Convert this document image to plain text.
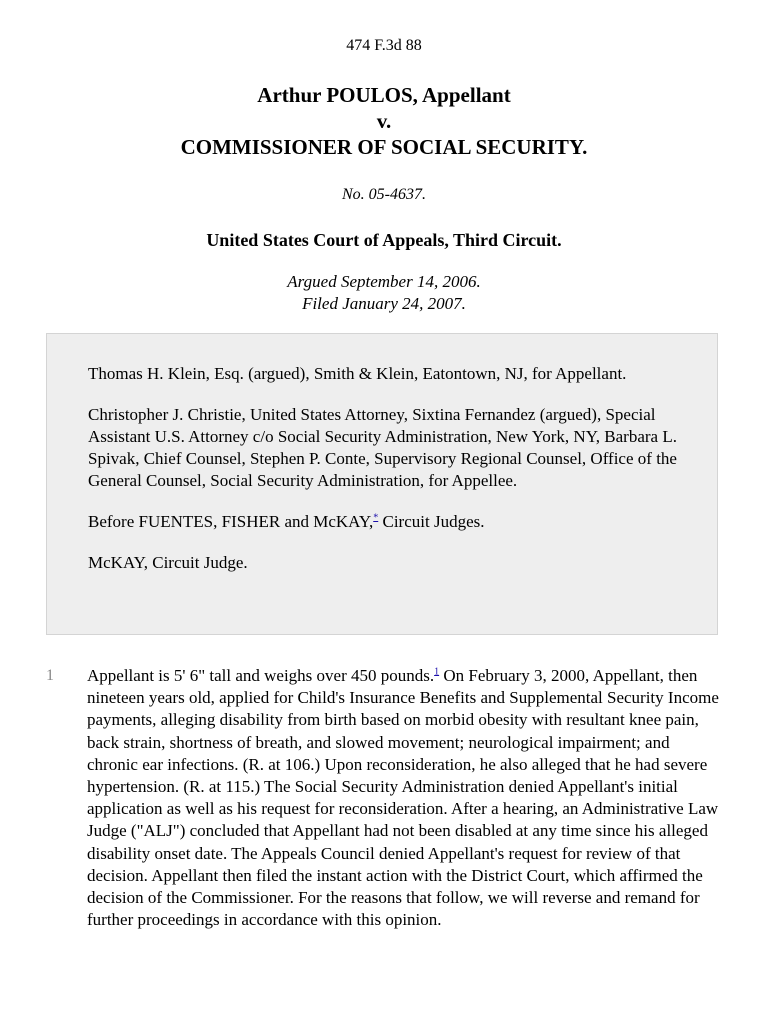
474 F.3d 88
Arthur POULOS, Appellant
v.
COMMISSIONER OF SOCIAL SECURITY.
No. 05-4637.
United States Court of Appeals, Third Circuit.
Argued September 14, 2006.
Filed January 24, 2007.

Thomas H. Klein, Esq. (argued), Smith & Klein, Eatontown, NJ, for Appellant.

Christopher J. Christie, United States Attorney, Sixtina Fernandez (argued), Special Assistant U.S. Attorney c/o Social Security Administration, New York, NY, Barbara L. Spivak, Chief Counsel, Stephen P. Conte, Supervisory Regional Counsel, Office of the General Counsel, Social Security Administration, for Appellee.

Before FUENTES, FISHER and McKAY,* Circuit Judges.

McKAY, Circuit Judge.

1 Appellant is 5' 6" tall and weighs over 450 pounds.$^1$ On February 3, 2000, Appellant, then nineteen years old, applied for Child's Insurance Benefits and Supplemental Security Income payments, alleging disability from birth based on morbid obesity with resultant knee pain, back strain, shortness of breath, and slowed movement; neurological impairment; and chronic ear infections. (R. at 106.) Upon reconsideration, he also alleged that he had severe hypertension. (R. at 115.) The Social Security Administration denied Appellant's initial application as well as his request for reconsideration. After a hearing, an Administrative Law Judge ("ALJ") concluded that Appellant had not been disabled at any time since his alleged disability onset date. The Appeals Council denied Appellant's request for review of that decision. Appellant then filed the instant action with the District Court, which affirmed the decision of the Commissioner. For the reasons that follow, we will reverse and remand for further proceedings in accordance with this opinion.
